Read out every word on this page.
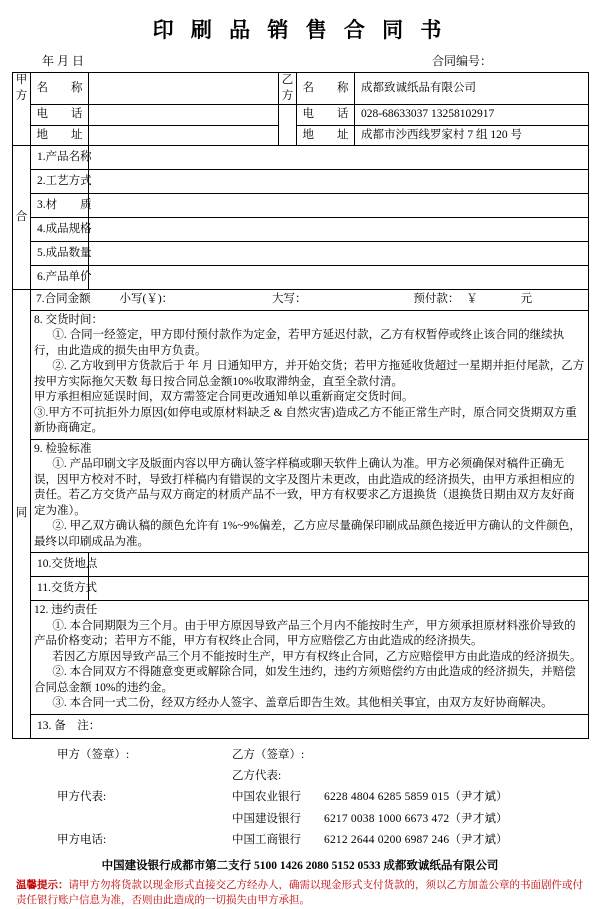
印 刷 品 销 售 合 同 书
年 月 日	合同编号：
甲方	名　　称		乙方	名　　称	成都致诚纸品有限公司
	电　　话			电　　话	028-68633037 13258102917
	地　　址			地　　址	成都市沙西线罗家村 7 组 120 号
合	1.产品名称				
	2.工艺方式				
	3.材　　质				
	4.成品规格				
	5.成品数量				
	6.产品单价				
同	7.合同金额 小写(￥)： 大写： 预付款： ￥ 元				

	8. 交货时间：

①. 合同一经签定，甲方即付预付款作为定金，若甲方延迟付款，乙方有权暂停或终止该合同的继续执行，由此造成的损失由甲方负责。

②. 乙方收到甲方货款后于 年 月 日通知甲方，并开始交货；若甲方拖延收货超过一星期并拒付尾款，乙方按甲方实际拖欠天数 每日按合同总金额10%收取滞纳金，直至全款付清。

甲方承担相应延误时间，双方需签定合同更改通知单以重新商定交货时间。

③.甲方不可抗拒外力原因(如停电或原材料缺乏 & 自然灾害)造成乙方不能正常生产时，原合同交货期双方重新协商确定。				

	9. 检验标准

①. 产品印刷文字及版面内容以甲方确认签字样稿或聊天软件上确认为准。甲方必须确保对稿件正确无误，因甲方校对不时，导致打样稿内有错误的文字及图片未更改，由此造成的经济损失，由甲方承担相应的责任。若乙方交货产品与双方商定的材质产品不一致，甲方有权要求乙方退换货（退换货日期由双方友好商定为准）。

②. 甲乙双方确认稿的颜色允许有 1%~9%偏差，乙方应尽量确保印刷成品颜色接近甲方确认的文件颜色，最终以印刷成品为准。				

	10.交货地点				
	11.交货方式				

	12. 违约责任

①. 本合同期限为三个月。由于甲方原因导致产品三个月内不能按时生产，甲方须承担原材料涨价导致的产品价格变动；若甲方不能，甲方有权终止合同，甲方应赔偿乙方由此造成的经济损失。

若因乙方原因导致产品三个月不能按时生产，甲方有权终止合同，乙方应赔偿甲方由此造成的经济损失。

②. 本合同双方不得随意变更或解除合同，如发生违约，违约方须赔偿约方由此造成的经济损失，并赔偿合同总金额 10%的违约金。

③. 本合同一式二份，经双方经办人签字、盖章后即告生效。其他相关事宜，由双方友好协商解决。				

	13. 备　注：				
甲方（签章）:	乙方（签章）:
乙方代表:
甲方代表:	中国农业银行	6228 4804 6285 5859 015（尹才斌）
中国建设银行	6217 0038 1000 6673 472（尹才斌）
甲方电话:	中国工商银行	6212 2644 0200 6987 246（尹才斌）
中国建设银行成都市第二支行 5100 1426 2080 5152 0533 成都致诚纸品有限公司
温馨提示：请甲方勿将货款以现金形式直接交乙方经办人，确需以现金形式支付货款的，须以乙方加盖公章的书面剧件或付责任银行账户信息为准，否则由此造成的一切损失由甲方承担。
